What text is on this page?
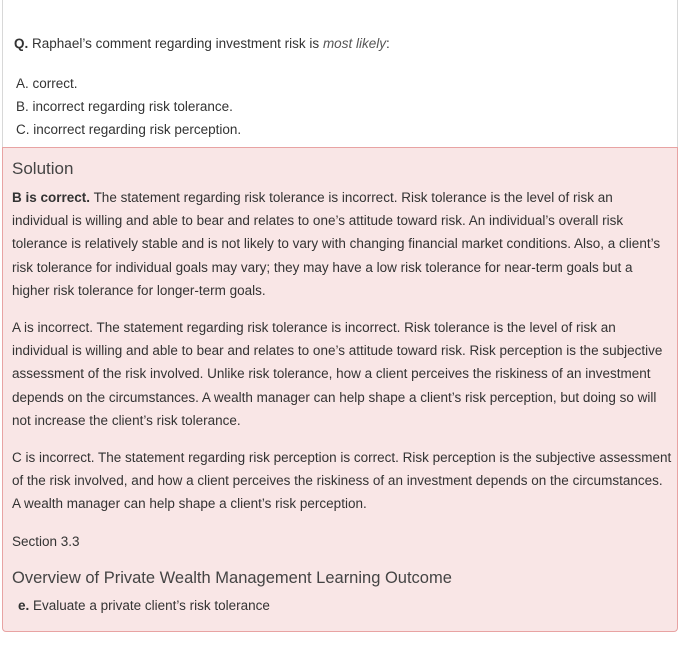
Q. Raphael’s comment regarding investment risk is most likely:
A. correct.
B. incorrect regarding risk tolerance.
C. incorrect regarding risk perception.
Solution

B is correct. The statement regarding risk tolerance is incorrect. Risk tolerance is the level of risk an individual is willing and able to bear and relates to one’s attitude toward risk. An individual’s overall risk tolerance is relatively stable and is not likely to vary with changing financial market conditions. Also, a client’s risk tolerance for individual goals may vary; they may have a low risk tolerance for near-term goals but a higher risk tolerance for longer-term goals.

A is incorrect. The statement regarding risk tolerance is incorrect. Risk tolerance is the level of risk an individual is willing and able to bear and relates to one’s attitude toward risk. Risk perception is the subjective assessment of the risk involved. Unlike risk tolerance, how a client perceives the riskiness of an investment depends on the circumstances. A wealth manager can help shape a client’s risk perception, but doing so will not increase the client’s risk tolerance.

C is incorrect. The statement regarding risk perception is correct. Risk perception is the subjective assessment of the risk involved, and how a client perceives the riskiness of an investment depends on the circumstances. A wealth manager can help shape a client’s risk perception.

Section 3.3

Overview of Private Wealth Management Learning Outcome
e. Evaluate a private client’s risk tolerance
